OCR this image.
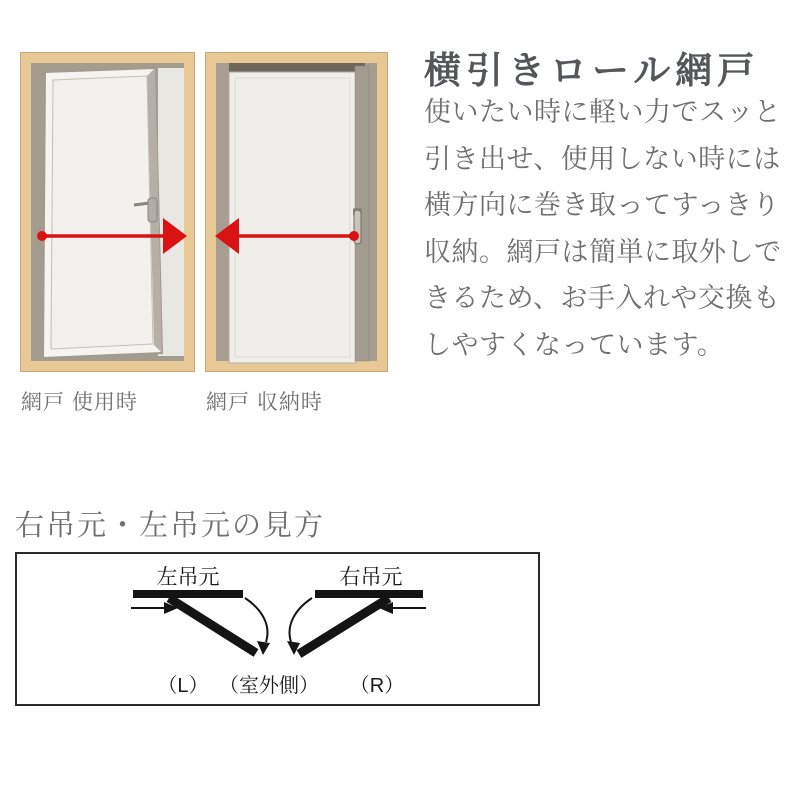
網戸 使用時	網戸 収納時
横引きロール網戸
使いたい時に軽い力でスッと
引き出せ、使用しない時には
横方向に巻き取ってすっきり
収納。網戸は簡単に取外しで
きるため、お手入れや交換も
しやすくなっています。
右吊元・左吊元の見方
左吊元	右吊元
（L） （室外側） （R）
